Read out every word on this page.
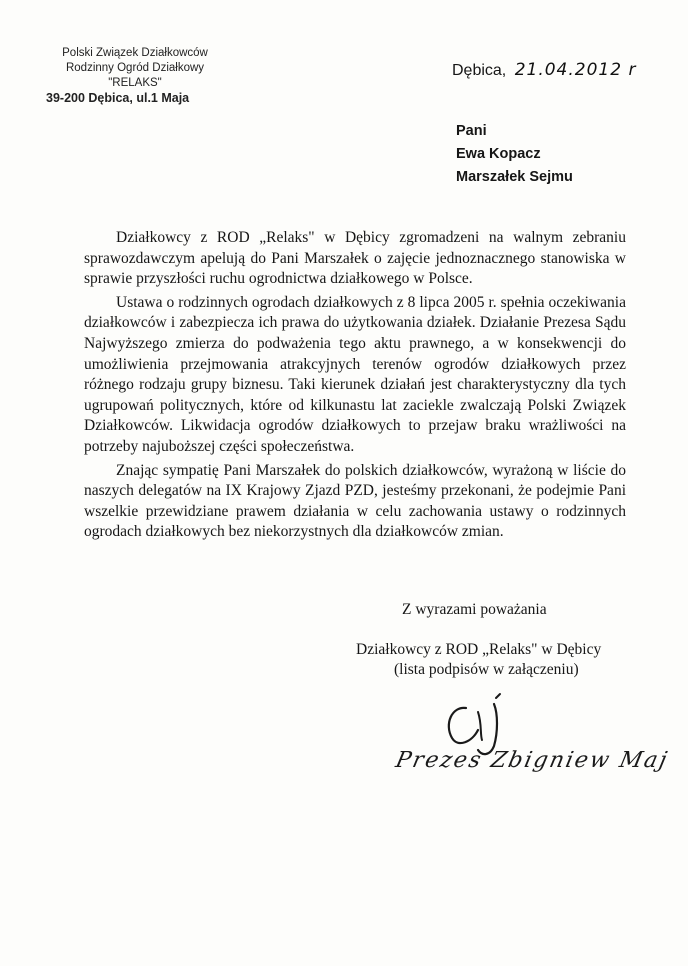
Polski Związek Działkowców
Rodzinny Ogród Działkowy
"RELAKS"
39-200 Dębica, ul.1 Maja
Dębica, 21.04.2012 r
Pani
Ewa Kopacz
Marszałek Sejmu

Działkowcy z ROD „Relaks" w Dębicy zgromadzeni na walnym zebraniu sprawozdawczym apelują do Pani Marszałek o zajęcie jednoznacznego stanowiska w sprawie przyszłości ruchu ogrodnictwa działkowego w Polsce.

Ustawa o rodzinnych ogrodach działkowych z 8 lipca 2005 r. spełnia oczekiwania działkowców i zabezpiecza ich prawa do użytkowania działek. Działanie Prezesa Sądu Najwyższego zmierza do podważenia tego aktu prawnego, a w konsekwencji do umożliwienia przejmowania atrakcyjnych terenów ogrodów działkowych przez różnego rodzaju grupy biznesu. Taki kierunek działań jest charakterystyczny dla tych ugrupowań politycznych, które od kilkunastu lat zaciekle zwalczają Polski Związek Działkowców. Likwidacja ogrodów działkowych to przejaw braku wrażliwości na potrzeby najuboższej części społeczeństwa.

Znając sympatię Pani Marszałek do polskich działkowców, wyrażoną w liście do naszych delegatów na IX Krajowy Zjazd PZD, jesteśmy przekonani, że podejmie Pani wszelkie przewidziane prawem działania w celu zachowania ustawy o rodzinnych ogrodach działkowych bez niekorzystnych dla działkowców zmian.

Z wyrazami poważania
Działkowcy z ROD „Relaks" w Dębicy
(lista podpisów w załączeniu)
Prezes Zbigniew Maj
